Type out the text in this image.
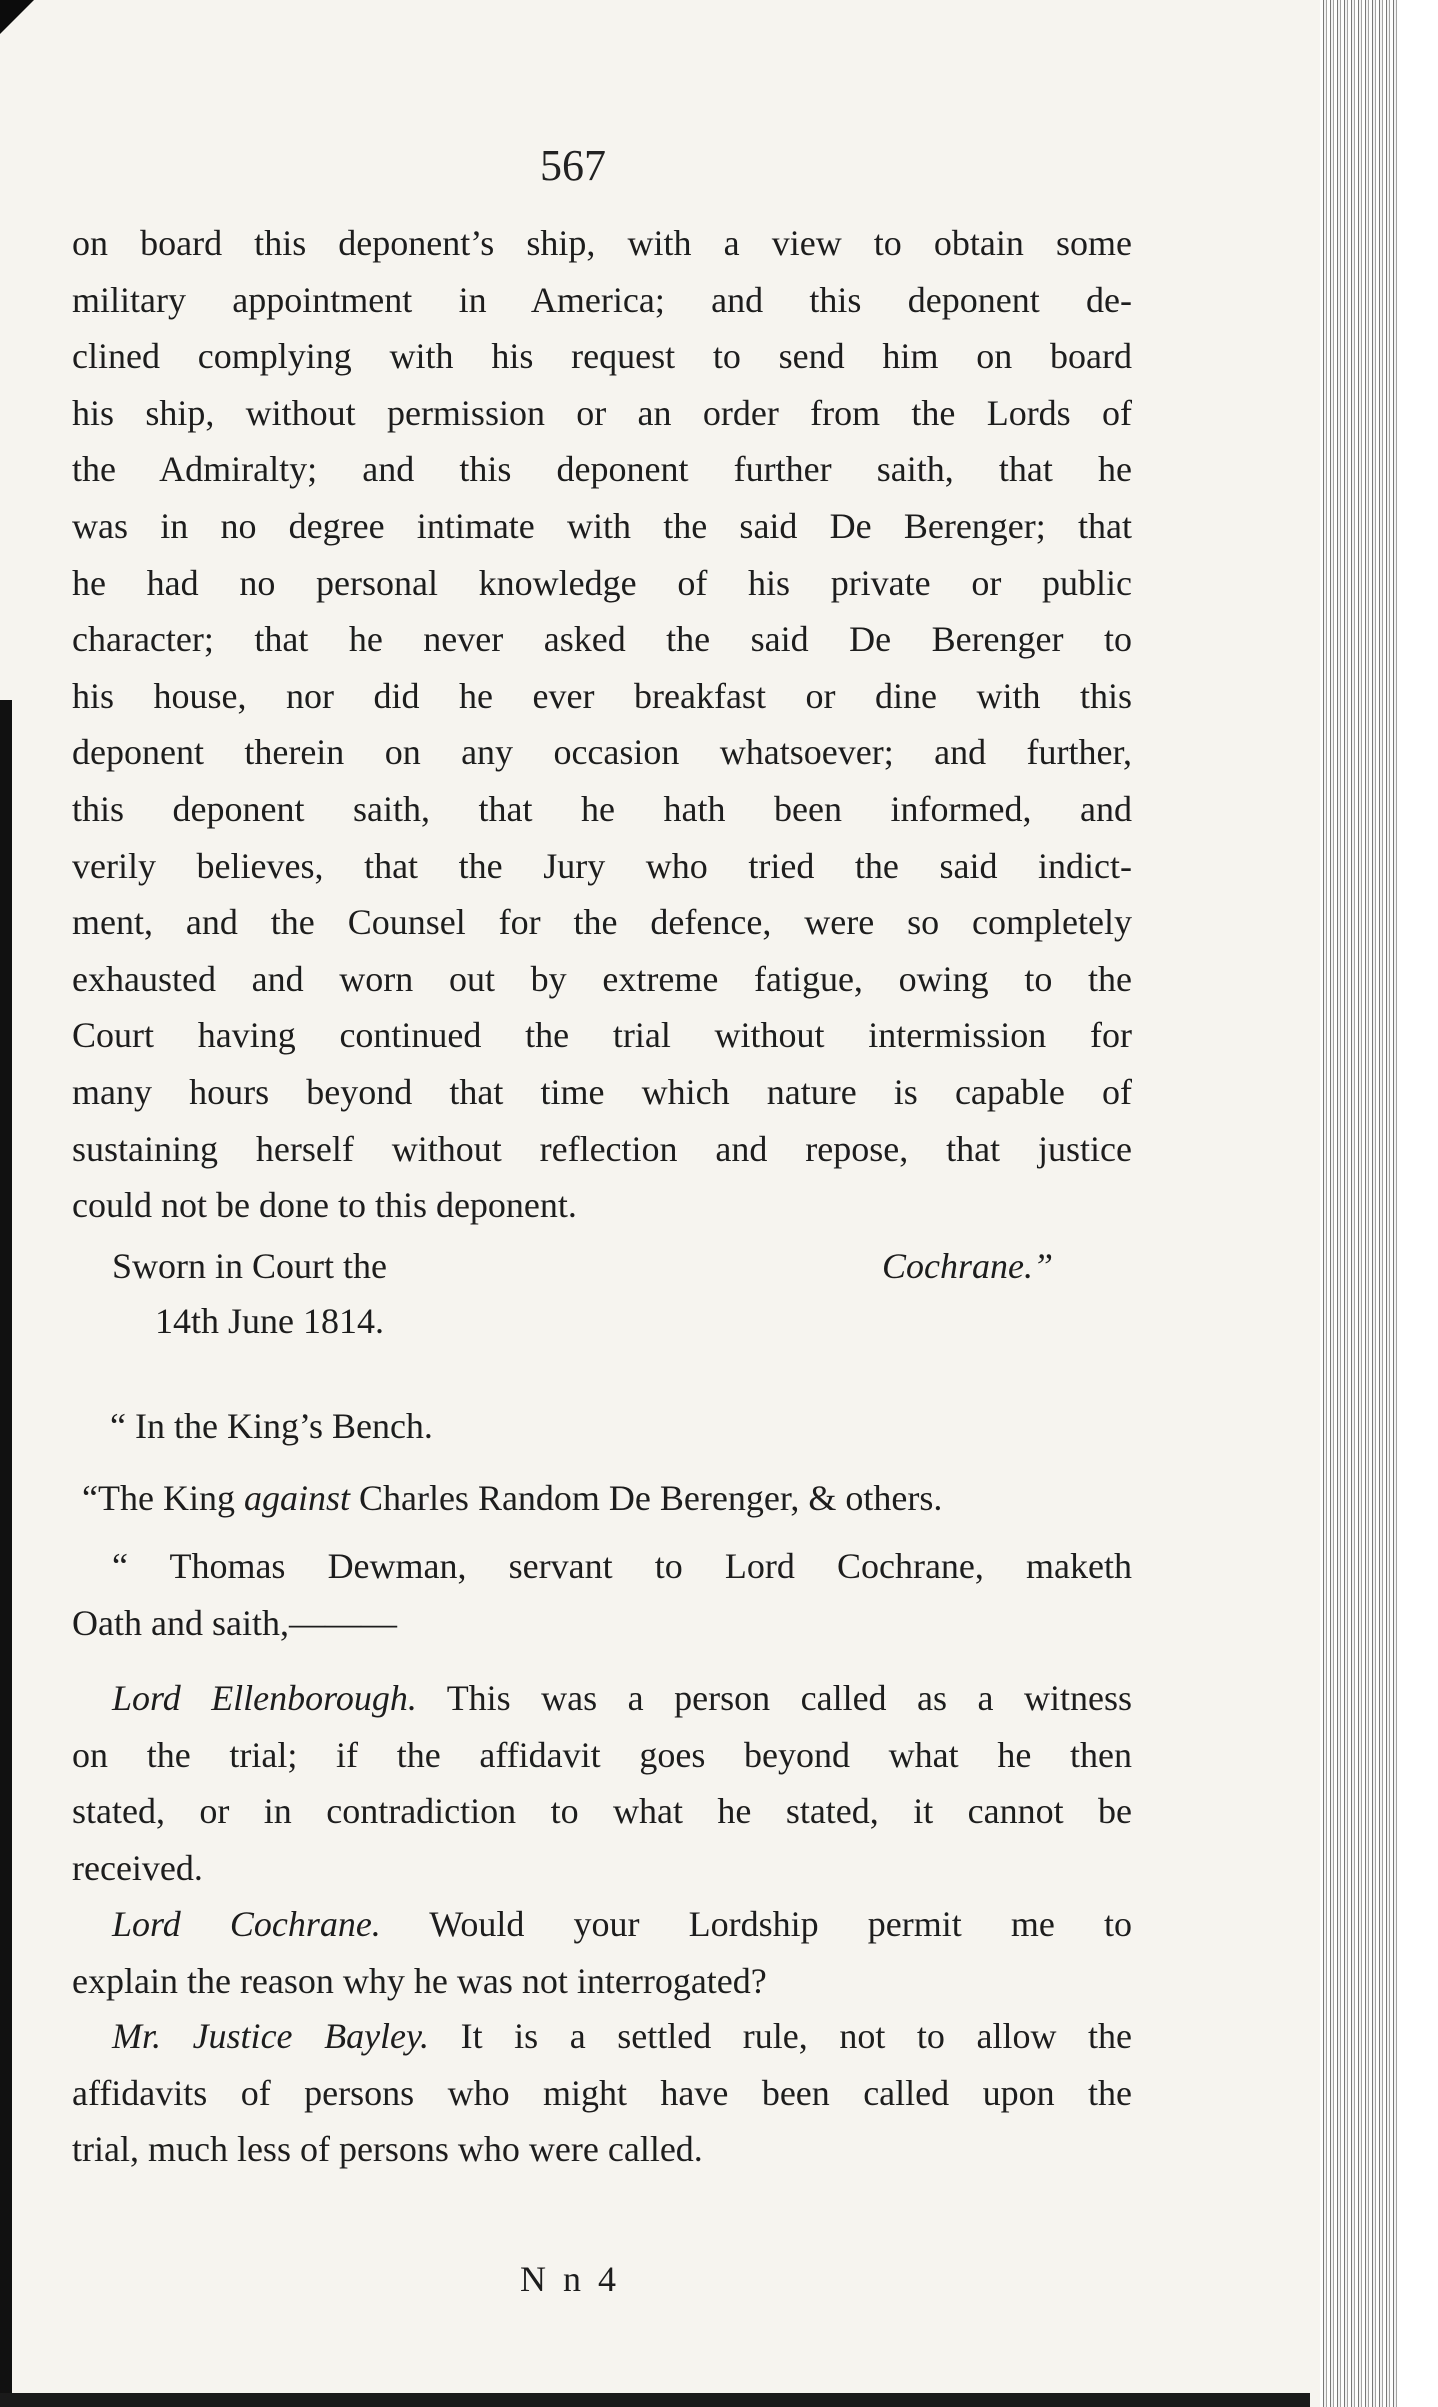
567
on board this deponent’s ship, with a view to obtain some
military appointment in America; and this deponent de-
clined complying with his request to send him on board
his ship, without permission or an order from the Lords of
the Admiralty; and this deponent further saith, that he
was in no degree intimate with the said De Berenger; that
he had no personal knowledge of his private or public
character; that he never asked the said De Berenger to
his house, nor did he ever breakfast or dine with this
deponent therein on any occasion whatsoever; and further,
this deponent saith, that he hath been informed, and
verily believes, that the Jury who tried the said indict-
ment, and the Counsel for the defence, were so completely
exhausted and worn out by extreme fatigue, owing to the
Court having continued the trial without intermission for
many hours beyond that time which nature is capable of
sustaining herself without reflection and repose, that justice
could not be done to this deponent.
Sworn in Court the	Cochrane.”
14th June 1814.
“ In the King’s Bench.
“The King against Charles Random De Berenger, & others.
“ Thomas Dewman, servant to Lord Cochrane, maketh
Oath and saith,———
Lord Ellenborough. This was a person called as a witness
on the trial; if the affidavit goes beyond what he then
stated, or in contradiction to what he stated, it cannot be
received.
Lord Cochrane. Would your Lordship permit me to
explain the reason why he was not interrogated?
Mr. Justice Bayley. It is a settled rule, not to allow the
affidavits of persons who might have been called upon the
trial, much less of persons who were called.
N n 4
